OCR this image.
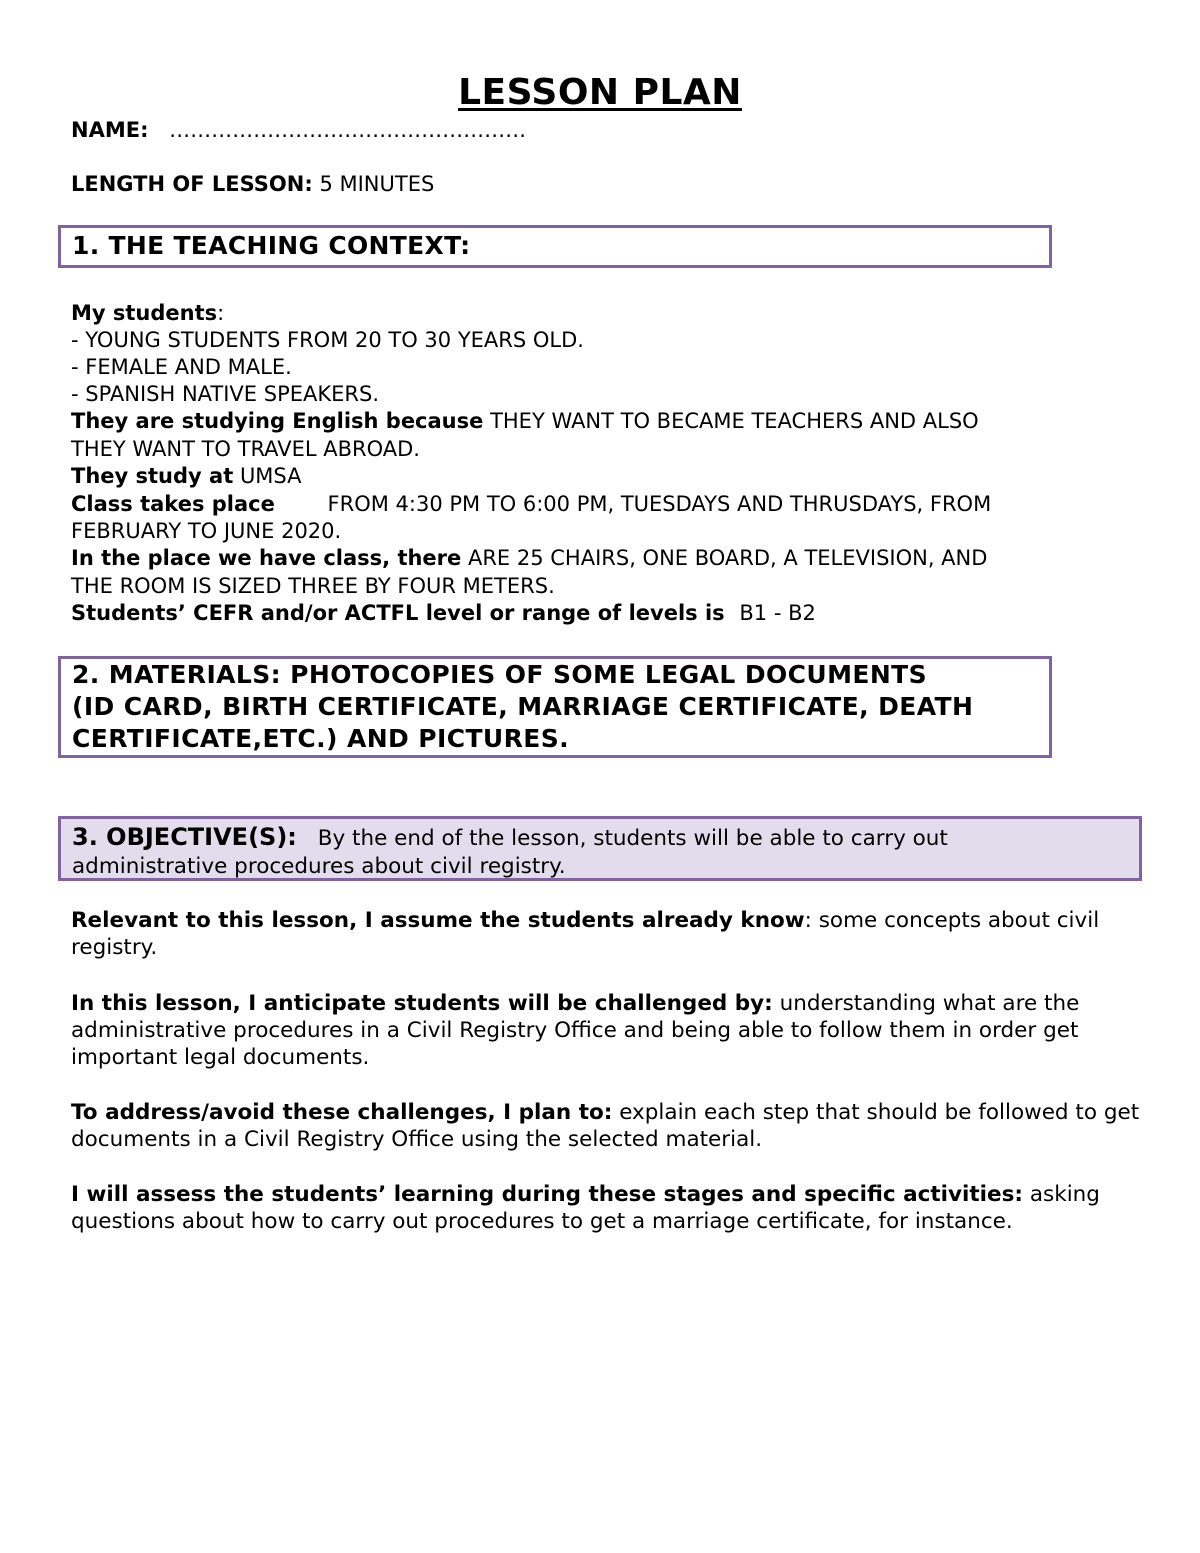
LESSON PLAN
NAME: ……………………………………………
LENGTH OF LESSON: 5 MINUTES
1. THE TEACHING CONTEXT:
My students:
- YOUNG STUDENTS FROM 20 TO 30 YEARS OLD.
- FEMALE AND MALE.
- SPANISH NATIVE SPEAKERS.
They are studying English because THEY WANT TO BECAME TEACHERS AND ALSO
THEY WANT TO TRAVEL ABROAD.
They study at UMSA
Class takes place	FROM 4:30 PM TO 6:00 PM, TUESDAYS AND THRUSDAYS, FROM
FEBRUARY TO JUNE 2020.
In the place we have class, there ARE 25 CHAIRS, ONE BOARD, A TELEVISION, AND
THE ROOM IS SIZED THREE BY FOUR METERS.
Students’ CEFR and/or ACTFL level or range of levels is B1 - B2
2. MATERIALS: PHOTOCOPIES OF SOME LEGAL DOCUMENTS
(ID CARD, BIRTH CERTIFICATE, MARRIAGE CERTIFICATE, DEATH
CERTIFICATE,ETC.) AND PICTURES.
3. OBJECTIVE(S): By the end of the lesson, students will be able to carry out
administrative procedures about civil registry.
Relevant to this lesson, I assume the students already know: some concepts about civil registry.
In this lesson, I anticipate students will be challenged by: understanding what are the administrative procedures in a Civil Registry Office and being able to follow them in order get important legal documents.
To address/avoid these challenges, I plan to: explain each step that should be followed to get documents in a Civil Registry Office using the selected material.
I will assess the students’ learning during these stages and specific activities: asking questions about how to carry out procedures to get a marriage certificate, for instance.
